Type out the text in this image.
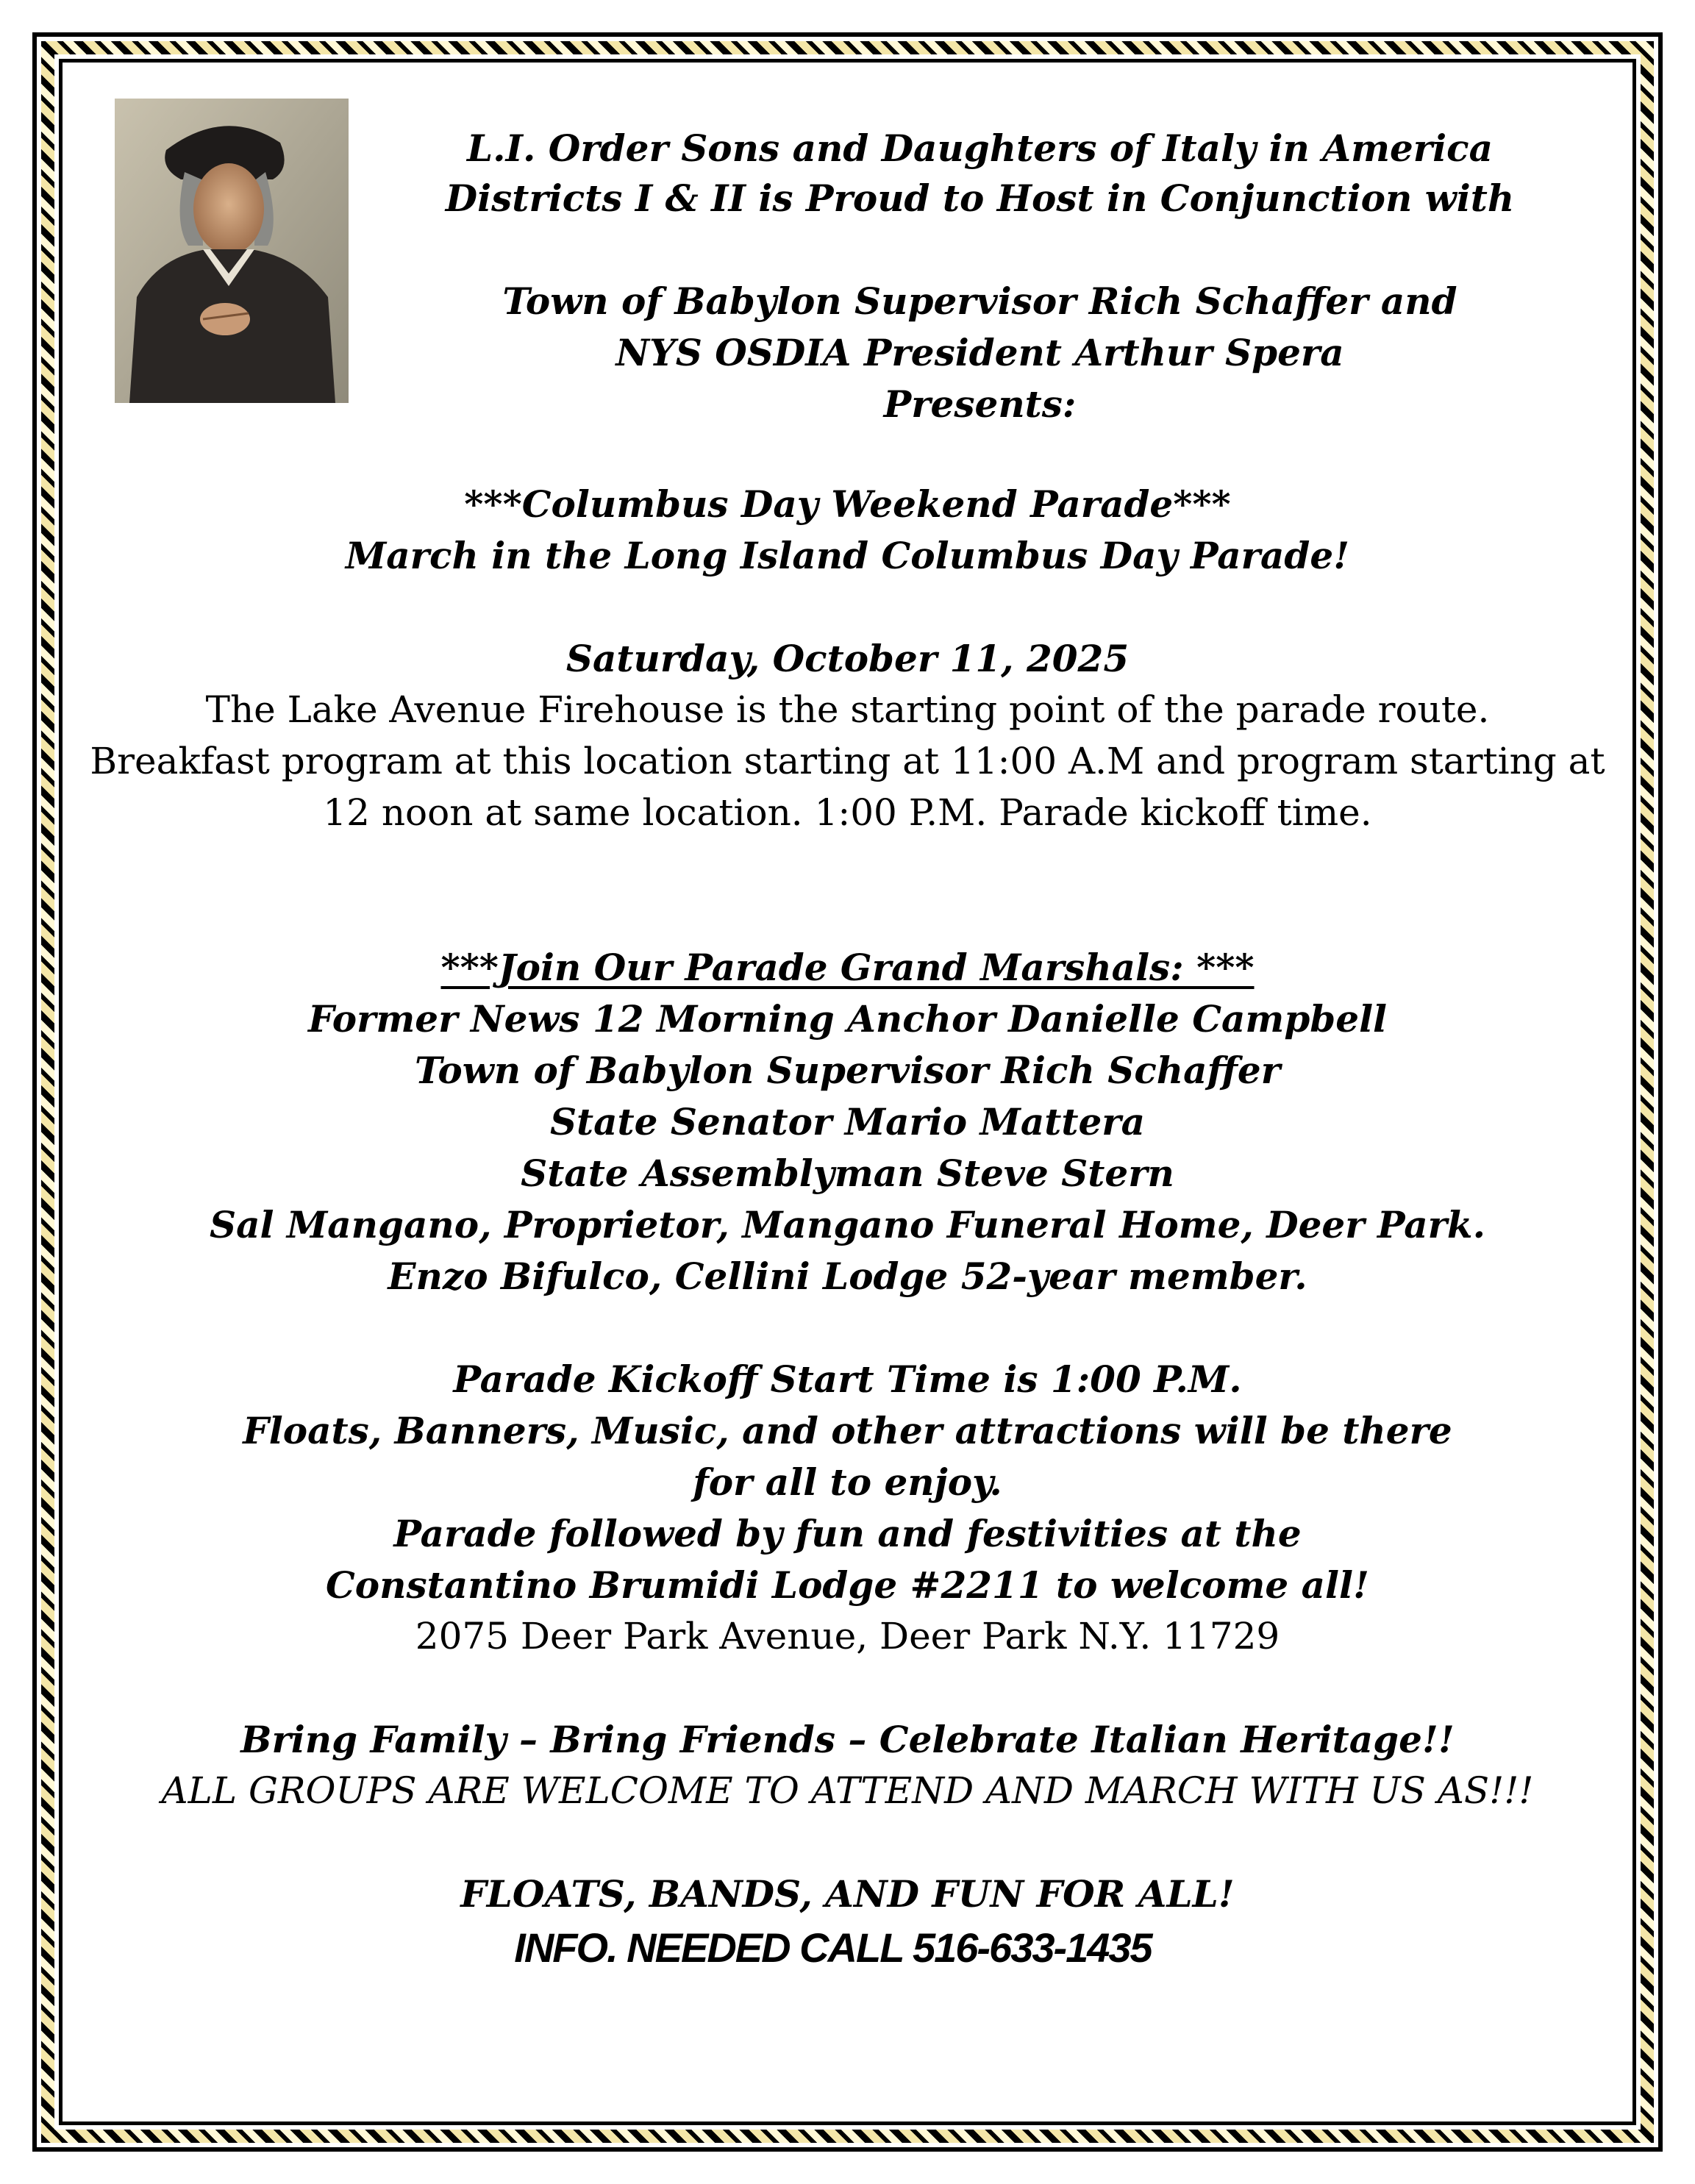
L.I. Order Sons and Daughters of Italy in America
Districts I & II is Proud to Host in Conjunction with
Town of Babylon Supervisor Rich Schaffer and
NYS OSDIA President Arthur Spera
Presents:
***Columbus Day Weekend Parade***
March in the Long Island Columbus Day Parade!
Saturday, October 11, 2025
The Lake Avenue Firehouse is the starting point of the parade route.
Breakfast program at this location starting at 11:00 A.M and program starting at
12 noon at same location. 1:00 P.M. Parade kickoff time.
***Join Our Parade Grand Marshals: ***
Former News 12 Morning Anchor Danielle Campbell
Town of Babylon Supervisor Rich Schaffer
State Senator Mario Mattera
State Assemblyman Steve Stern
Sal Mangano, Proprietor, Mangano Funeral Home, Deer Park.
Enzo Bifulco, Cellini Lodge 52-year member.
Parade Kickoff Start Time is 1:00 P.M.
Floats, Banners, Music, and other attractions will be there
for all to enjoy.
Parade followed by fun and festivities at the
Constantino Brumidi Lodge #2211 to welcome all!
2075 Deer Park Avenue, Deer Park N.Y. 11729
Bring Family – Bring Friends – Celebrate Italian Heritage!!
ALL GROUPS ARE WELCOME TO ATTEND AND MARCH WITH US AS!!!
FLOATS, BANDS, AND FUN FOR ALL!
INFO. NEEDED CALL 516-633-1435
